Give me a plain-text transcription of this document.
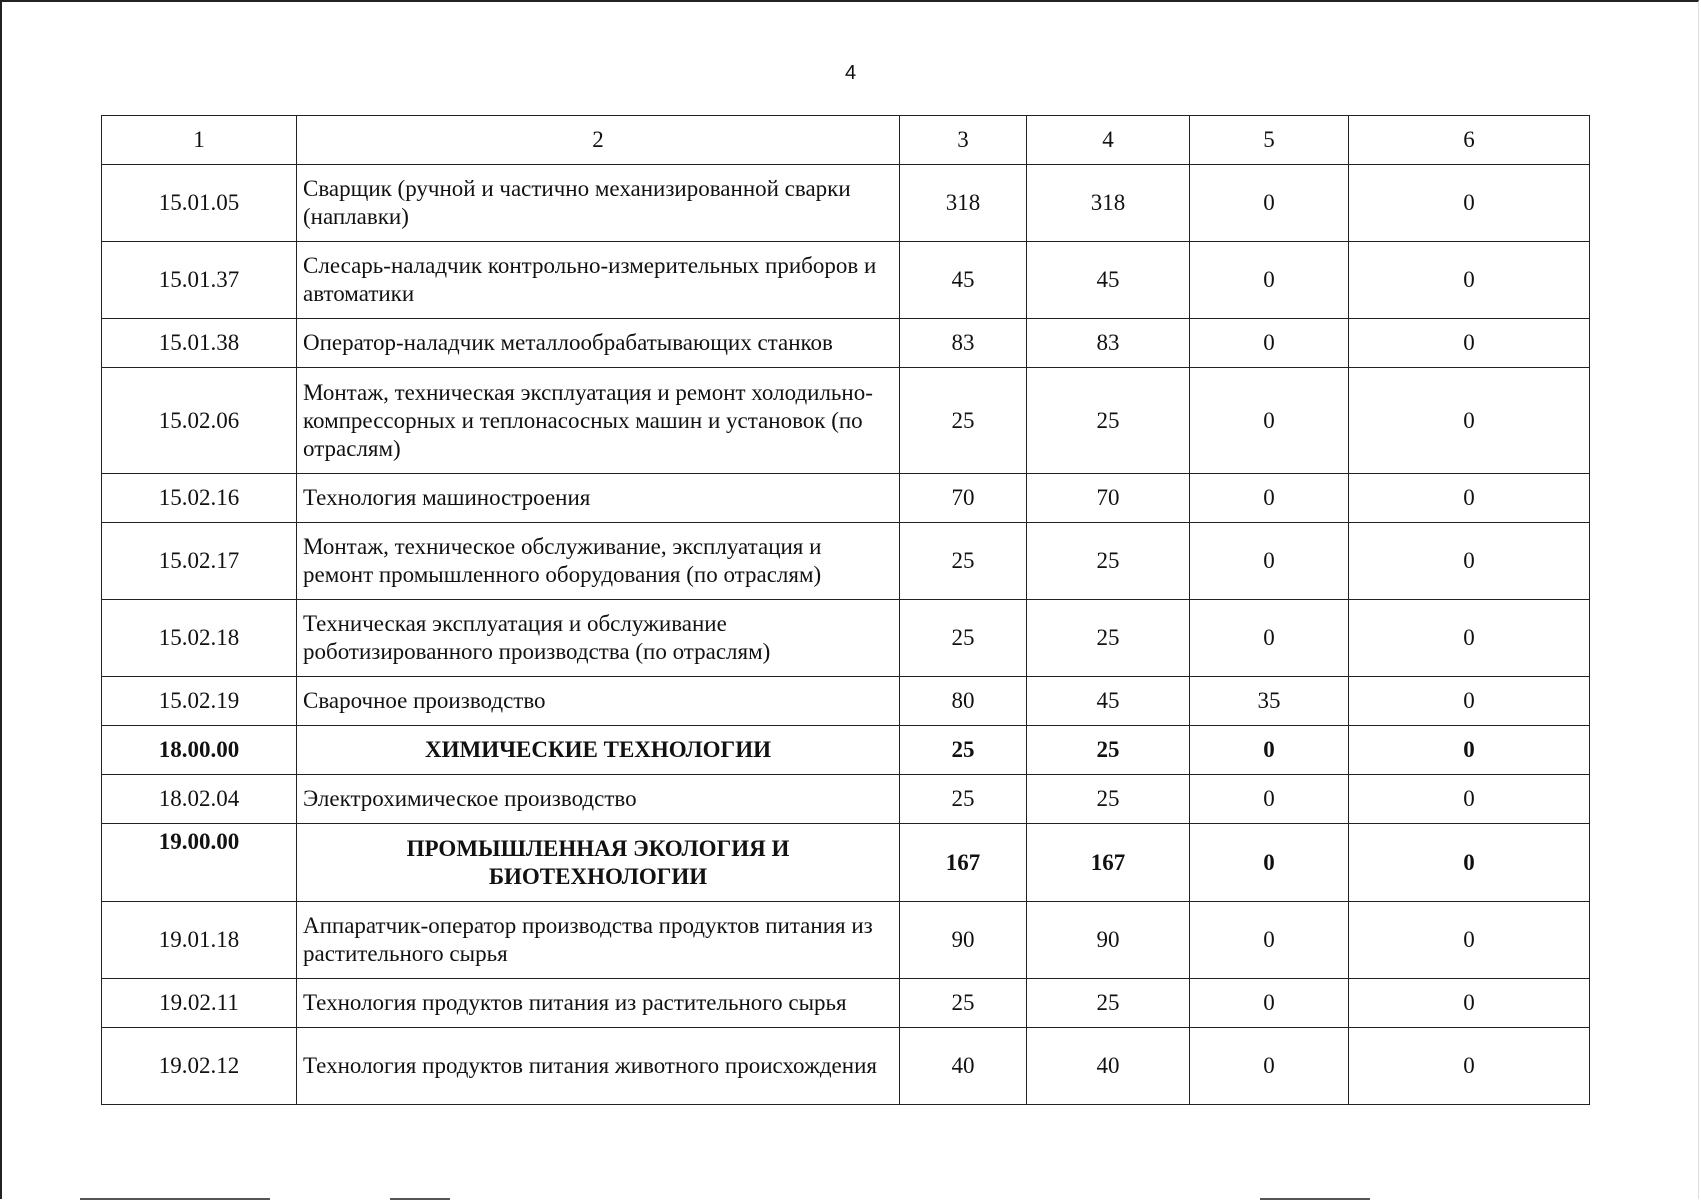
4
1	2	3	4	5	6
15.01.05	Сварщик (ручной и частично механизированной сварки (наплавки)	318	318	0	0
15.01.37	Слесарь-наладчик контрольно-измерительных приборов и автоматики	45	45	0	0
15.01.38	Оператор-наладчик металлообрабатывающих станков	83	83	0	0
15.02.06	Монтаж, техническая эксплуатация и ремонт холодильно-компрессорных и теплонасосных машин и установок (по отраслям)	25	25	0	0
15.02.16	Технология машиностроения	70	70	0	0
15.02.17	Монтаж, техническое обслуживание, эксплуатация и ремонт промышленного оборудования (по отраслям)	25	25	0	0
15.02.18	Техническая эксплуатация и обслуживание роботизированного производства (по отраслям)	25	25	0	0
15.02.19	Сварочное производство	80	45	35	0
18.00.00	ХИМИЧЕСКИЕ ТЕХНОЛОГИИ	25	25	0	0
18.02.04	Электрохимическое производство	25	25	0	0
19.00.00	ПРОМЫШЛЕННАЯ ЭКОЛОГИЯ И БИОТЕХНОЛОГИИ	167	167	0	0
19.01.18	Аппаратчик-оператор производства продуктов питания из растительного сырья	90	90	0	0
19.02.11	Технология продуктов питания из растительного сырья	25	25	0	0
19.02.12	Технология продуктов питания животного происхождения	40	40	0	0
